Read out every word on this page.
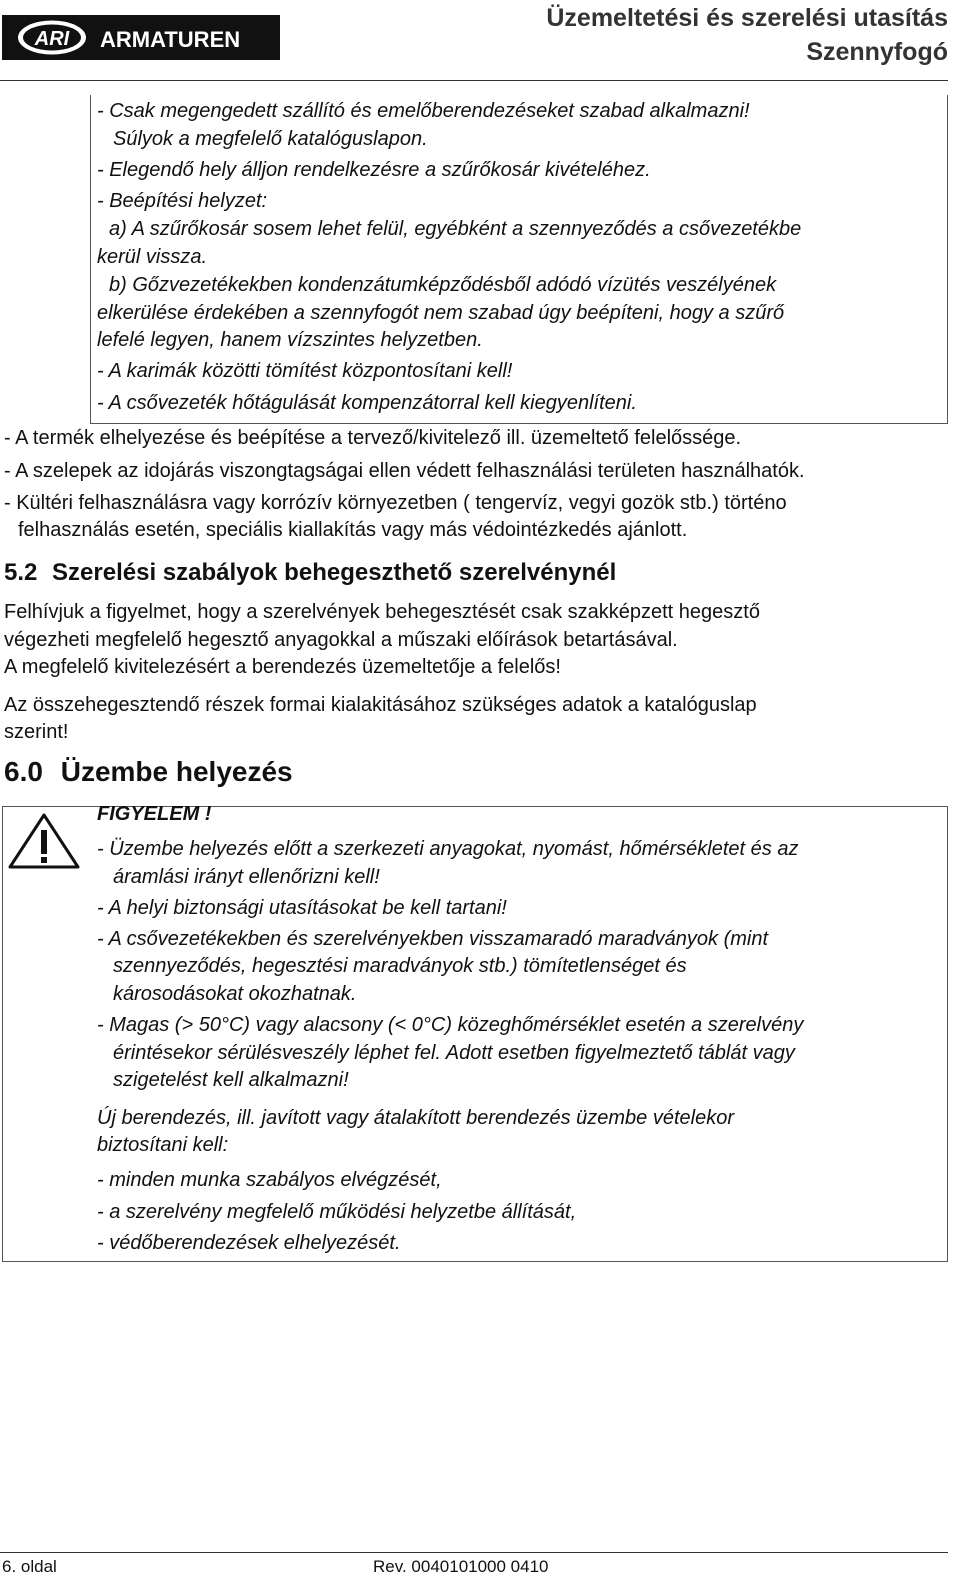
ARI ARMATUREN
Üzemeltetési és szerelési utasítás
Szennyfogó
- Csak megengedett szállító és emelőberendezéseket szabad alkalmazni!
Súlyok a megfelelő katalóguslapon.
- Elegendő hely álljon rendelkezésre a szűrőkosár kivételéhez.
- Beépítési helyzet:
a) A szűrőkosár sosem lehet felül, egyébként a szennyeződés a csővezetékbe
kerül vissza.
b) Gőzvezetékekben kondenzátumképződésből adódó vízütés veszélyének
elkerülése érdekében a szennyfogót nem szabad úgy beépíteni, hogy a szűrő
lefelé legyen, hanem vízszintes helyzetben.
- A karimák közötti tömítést központosítani kell!
- A csővezeték hőtágulását kompenzátorral kell kiegyenlíteni.
- A termék elhelyezése és beépítése a tervező/kivitelező ill. üzemeltető felelőssége.
- A szelepek az idojárás viszongtagságai ellen védett felhasználási területen használhatók.
- Kültéri felhasználásra vagy korrózív környezetben ( tengervíz, vegyi gozök stb.) történo
felhasználás esetén, speciális kiallakítás vagy más védointézkedés ajánlott.
5.2 Szerelési szabályok behegeszthető szerelvénynél
Felhívjuk a figyelmet, hogy a szerelvények behegesztését csak szakképzett hegesztő
végezheti megfelelő hegesztő anyagokkal a műszaki előírások betartásával.
A megfelelő kivitelezésért a berendezés üzemeltetője a felelős!
Az összehegesztendő részek formai kialakitásához szükséges adatok a katalóguslap
szerint!
6.0 Üzembe helyezés
FIGYELEM !
- Üzembe helyezés előtt a szerkezeti anyagokat, nyomást, hőmérsékletet és az
áramlási irányt ellenőrizni kell!
- A helyi biztonsági utasításokat be kell tartani!
- A csővezetékekben és szerelvényekben visszamaradó maradványok (mint
szennyeződés, hegesztési maradványok stb.) tömítetlenséget és
károsodásokat okozhatnak.
- Magas (> 50°C) vagy alacsony (< 0°C) közeghőmérséklet esetén a szerelvény
érintésekor sérülésveszély léphet fel. Adott esetben figyelmeztető táblát vagy
szigetelést kell alkalmazni!
Új berendezés, ill. javított vagy átalakított berendezés üzembe vételekor
biztosítani kell:
- minden munka szabályos elvégzését,
- a szerelvény megfelelő működési helyzetbe állítását,
- védőberendezések elhelyezését.
6. oldal	Rev. 0040101000 0410
